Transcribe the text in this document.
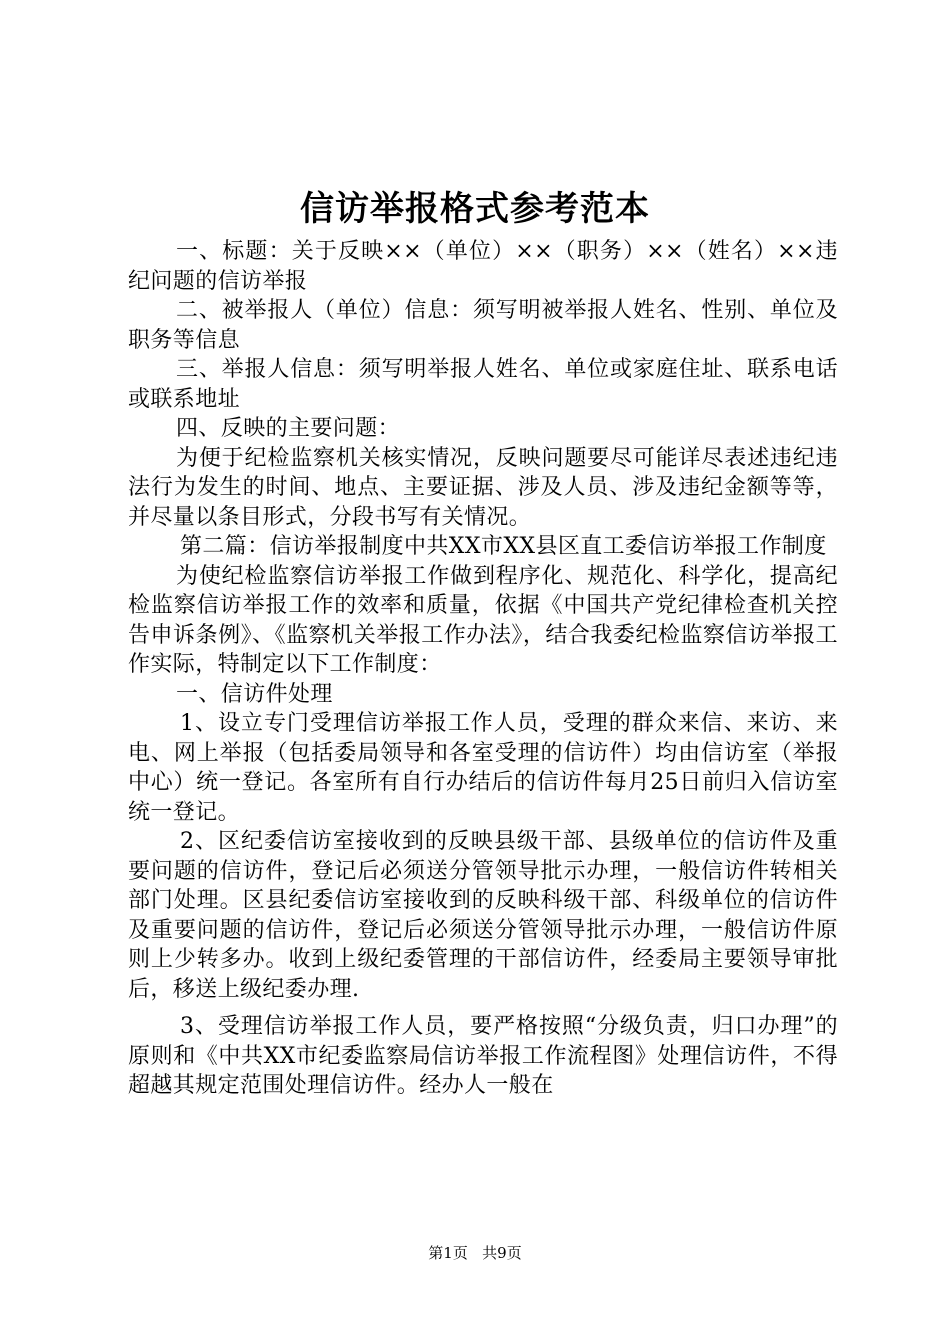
信访举报格式参考范本

一、标题：关于反映××（单位）××（职务）××（姓名）××违纪问题的信访举报

二、被举报人（单位）信息：须写明被举报人姓名、性别、单位及职务等信息

三、举报人信息：须写明举报人姓名、单位或家庭住址、联系电话或联系地址

四、反映的主要问题：

为便于纪检监察机关核实情况，反映问题要尽可能详尽表述违纪违法行为发生的时间、地点、主要证据、涉及人员、涉及违纪金额等等，并尽量以条目形式，分段书写有关情况。

第二篇：信访举报制度中共XX市XX县区直工委信访举报工作制度

为使纪检监察信访举报工作做到程序化、规范化、科学化，提高纪检监察信访举报工作的效率和质量，依据《中国共产党纪律检查机关控告申诉条例》、《监察机关举报工作办法》，结合我委纪检监察信访举报工作实际，特制定以下工作制度：

一、信访件处理

1、设立专门受理信访举报工作人员，受理的群众来信、来访、来电、网上举报（包括委局领导和各室受理的信访件）均由信访室（举报中心）统一登记。各室所有自行办结后的信访件每月25日前归入信访室统一登记。

2、区纪委信访室接收到的反映县级干部、县级单位的信访件及重要问题的信访件，登记后必须送分管领导批示办理，一般信访件转相关部门处理。区县纪委信访室接收到的反映科级干部、科级单位的信访件及重要问题的信访件，登记后必须送分管领导批示办理，一般信访件原则上少转多办。收到上级纪委管理的干部信访件，经委局主要领导审批后，移送上级纪委办理.

3、受理信访举报工作人员，要严格按照“分级负责，归口办理”的原则和《中共XX市纪委监察局信访举报工作流程图》处理信访件，不得超越其规定范围处理信访件。经办人一般在

第1页 共9页
